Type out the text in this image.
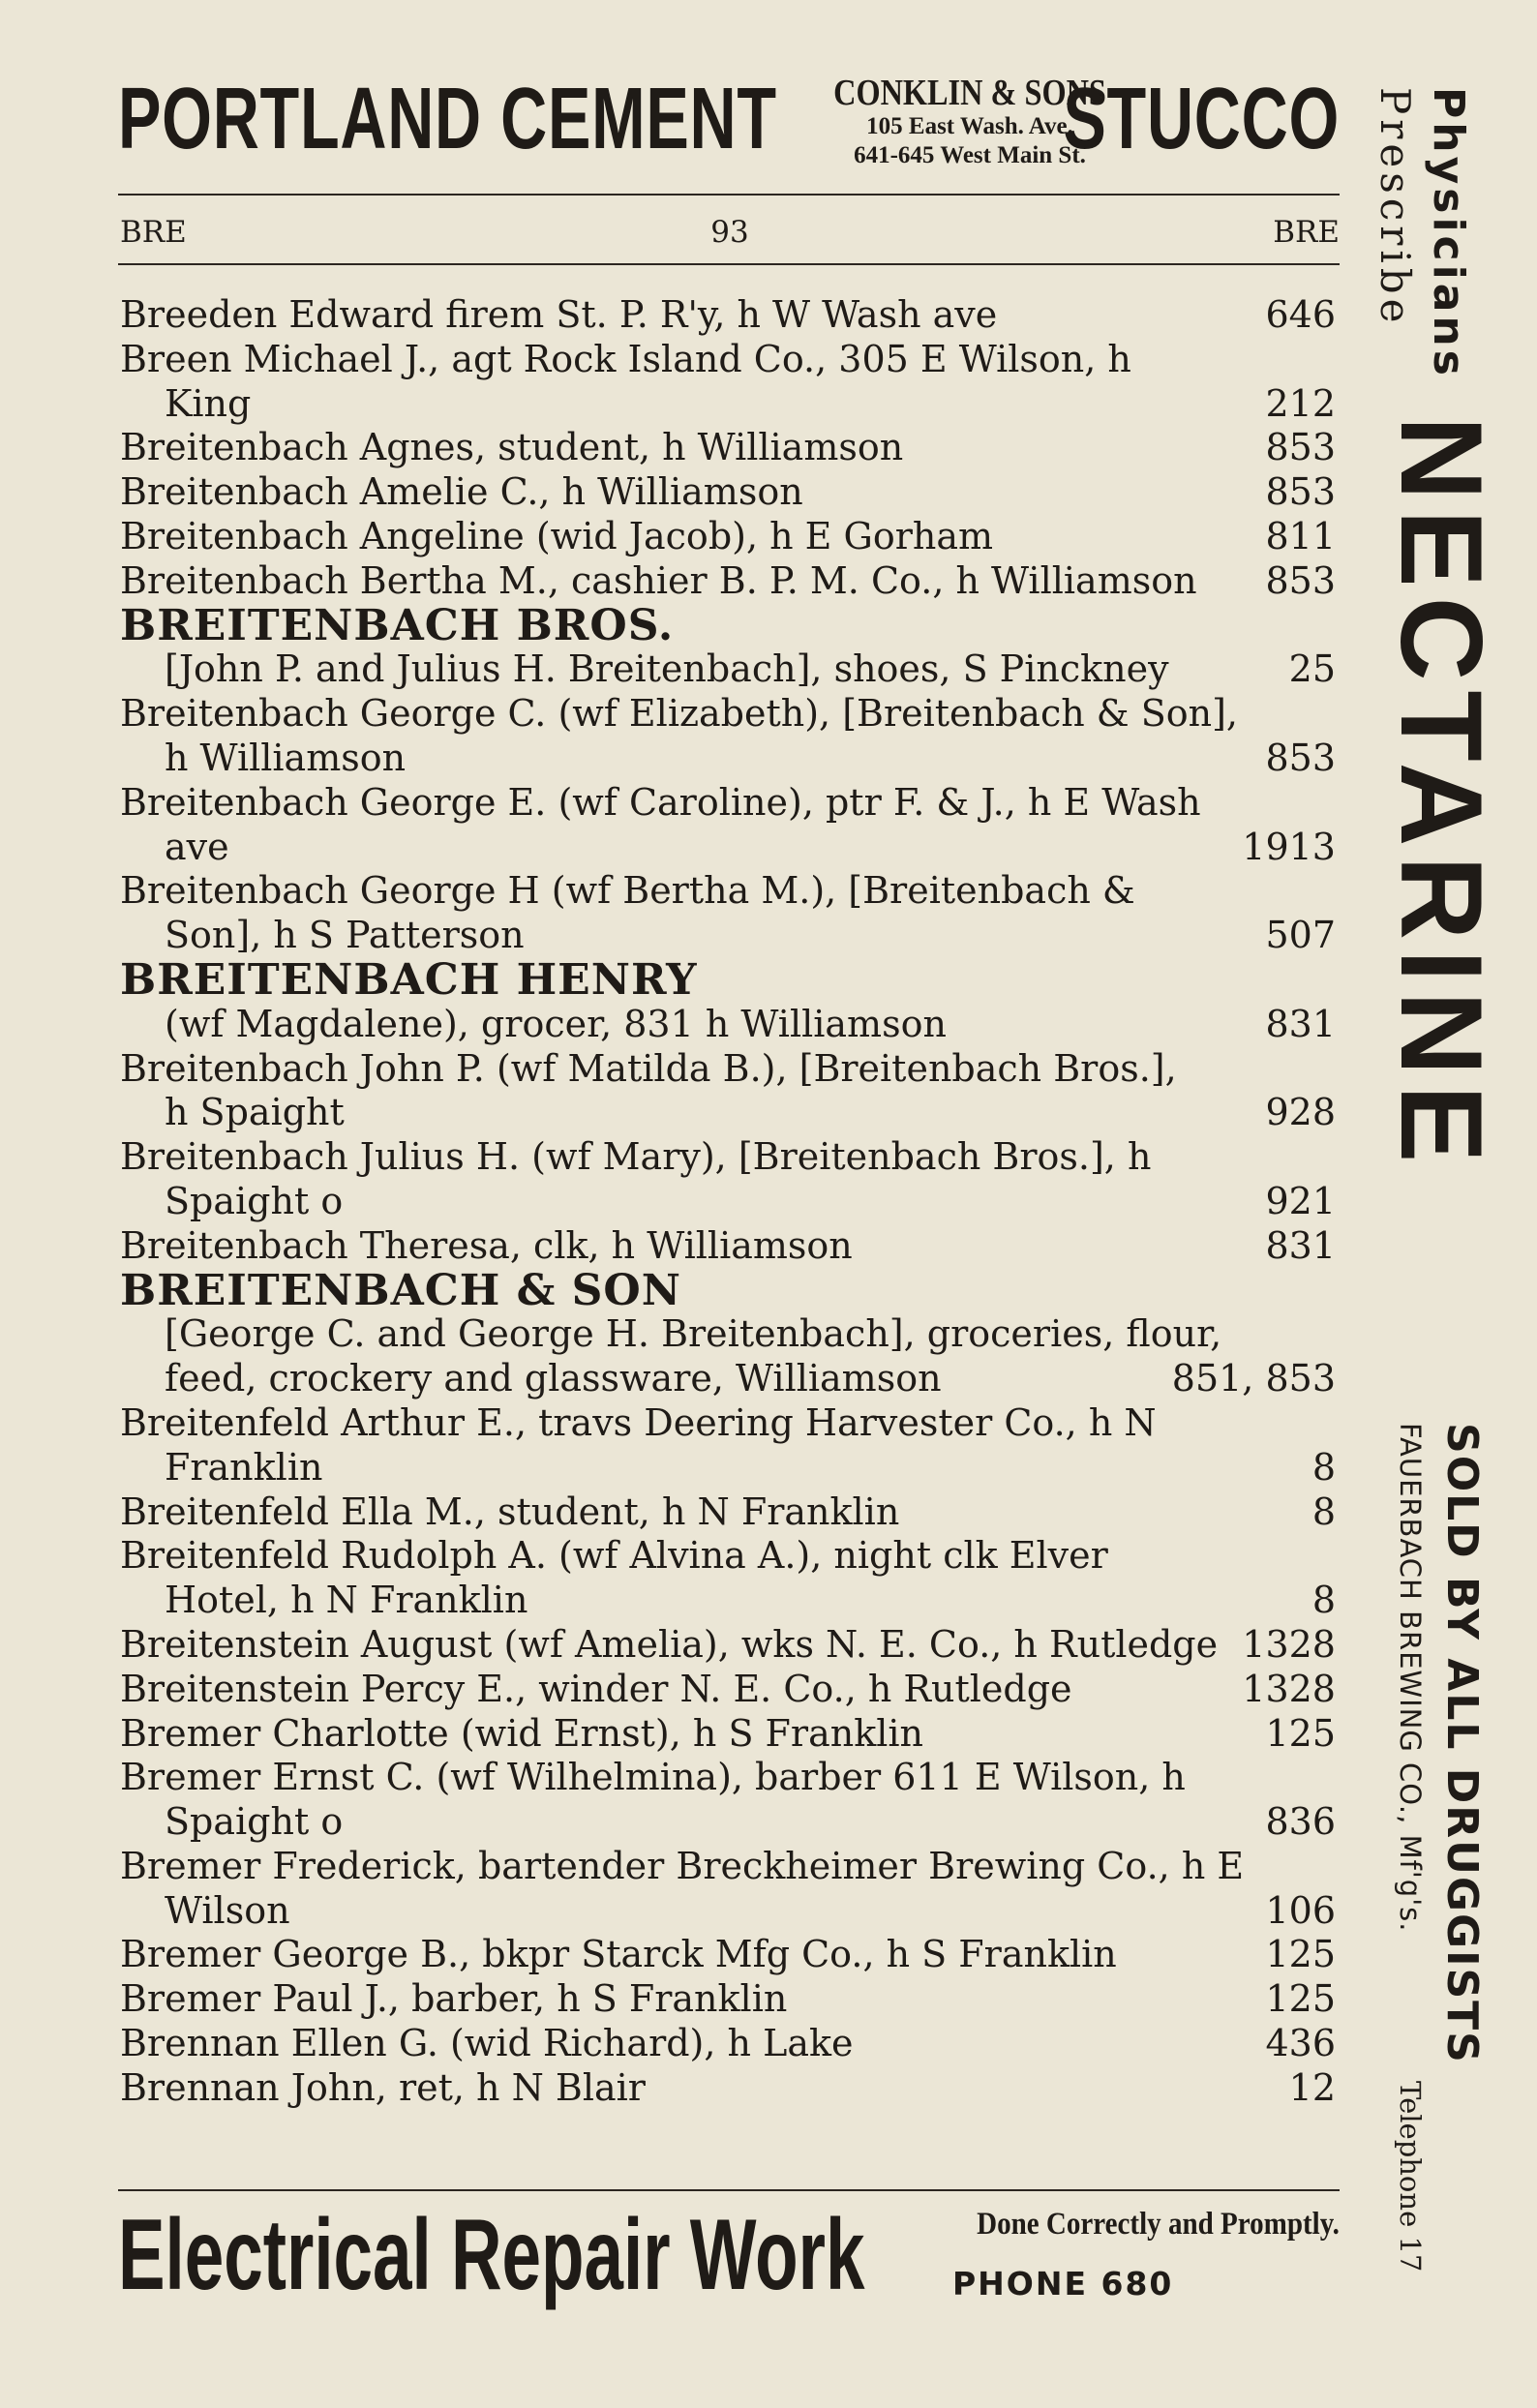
PORTLAND CEMENT	CONKLIN & SONS
105 East Wash. Ave.
641-645 West Main St.
STUCCO
BRE	93	BRE
Breeden Edward firem St. P. R'y, h W Wash ave	646
Breen Michael J., agt Rock Island Co., 305 E Wilson, h
King	212
Breitenbach Agnes, student, h Williamson	853
Breitenbach Amelie C., h Williamson	853
Breitenbach Angeline (wid Jacob), h E Gorham	811
Breitenbach Bertha M., cashier B. P. M. Co., h Williamson 853
BREITENBACH BROS.
[John P. and Julius H. Breitenbach], shoes, S Pinckney	25
Breitenbach George C. (wf Elizabeth), [Breitenbach & Son],
h Williamson	853
Breitenbach George E. (wf Caroline), ptr F. & J., h E Wash
ave	1913
Breitenbach George H (wf Bertha M.), [Breitenbach &
Son], h S Patterson	507
BREITENBACH HENRY
(wf Magdalene), grocer, 831 h Williamson	831
Breitenbach John P. (wf Matilda B.), [Breitenbach Bros.],
h Spaight	928
Breitenbach Julius H. (wf Mary), [Breitenbach Bros.], h
Spaight o	921
Breitenbach Theresa, clk, h Williamson	831
BREITENBACH & SON
[George C. and George H. Breitenbach], groceries, flour,
feed, crockery and glassware, Williamson	851, 853
Breitenfeld Arthur E., travs Deering Harvester Co., h N
Franklin	8
Breitenfeld Ella M., student, h N Franklin	8
Breitenfeld Rudolph A. (wf Alvina A.), night clk Elver
Hotel, h N Franklin	8
Breitenstein August (wf Amelia), wks N. E. Co., h Rutledge 1328
Breitenstein Percy E., winder N. E. Co., h Rutledge	1328
Bremer Charlotte (wid Ernst), h S Franklin	125
Bremer Ernst C. (wf Wilhelmina), barber 611 E Wilson, h
Spaight o	836
Bremer Frederick, bartender Breckheimer Brewing Co., h E
Wilson	106
Bremer George B., bkpr Starck Mfg Co., h S Franklin	125
Bremer Paul J., barber, h S Franklin	125
Brennan Ellen G. (wid Richard), h Lake	436
Brennan John, ret, h N Blair	12
Electrical Repair Work	Done Correctly and Promptly.
PHONE 680
Physicians
Prescribe
NECTARINE
SOLD BY ALL DRUGGISTS
FAUERBACH BREWING CO., Mf'g's.
Telephone 17
